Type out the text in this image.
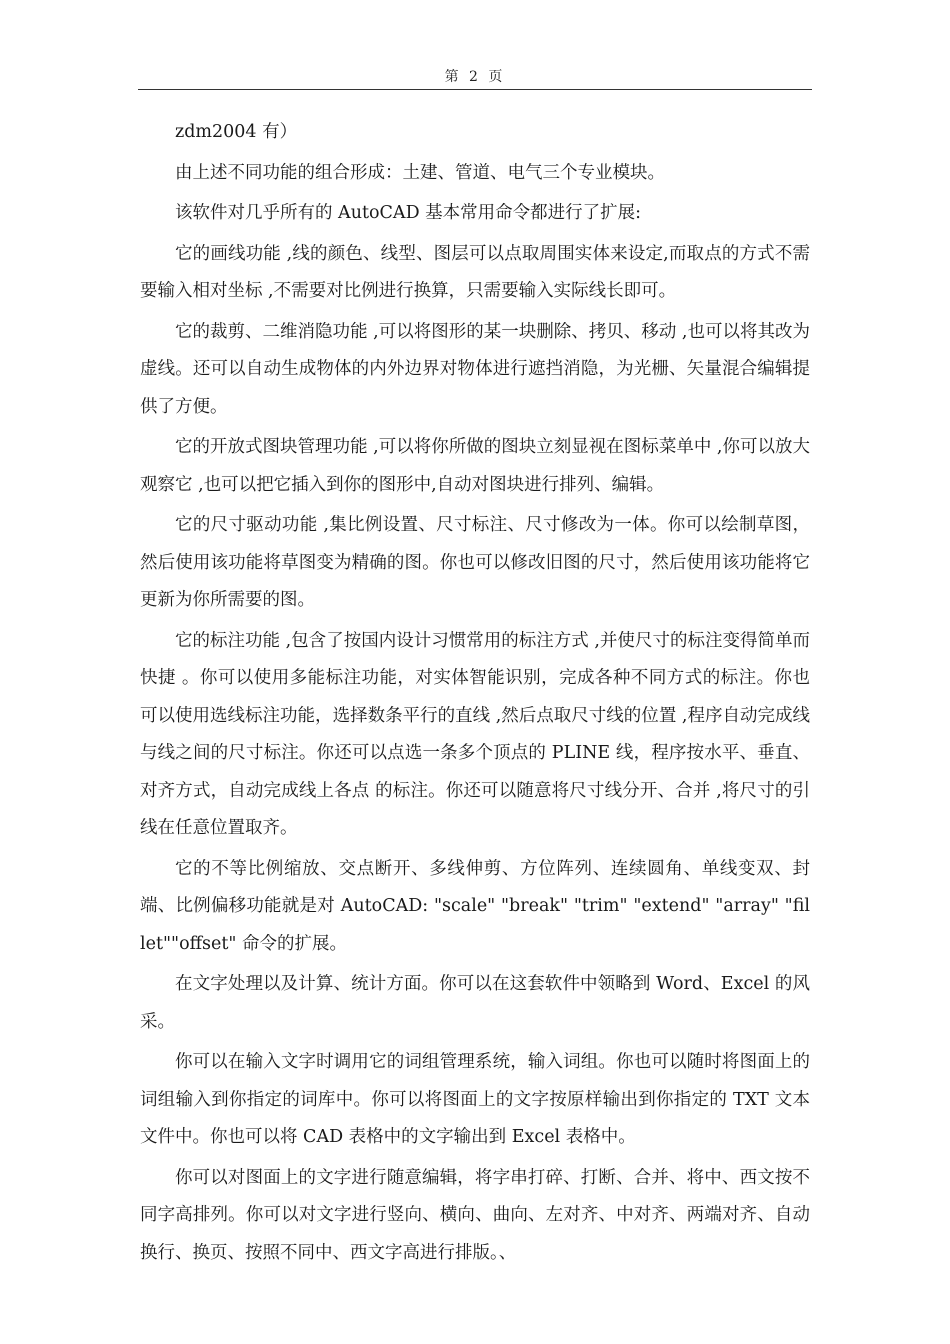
第 2 页

zdm2004 有）

由上述不同功能的组合形成：土建、管道、电气三个专业模块。

该软件对几乎所有的 AutoCAD 基本常用命令都进行了扩展:

它的画线功能 ,线的颜色、线型、图层可以点取周围实体来设定,而取点的方式不需要输入相对坐标 ,不需要对比例进行换算，只需要输入实际线长即可。

它的裁剪、二维消隐功能 ,可以将图形的某一块删除、拷贝、移动 ,也可以将其改为虚线。还可以自动生成物体的内外边界对物体进行遮挡消隐，为光栅、矢量混合编辑提供了方便。

它的开放式图块管理功能 ,可以将你所做的图块立刻显视在图标菜单中 ,你可以放大观察它 ,也可以把它插入到你的图形中,自动对图块进行排列、编辑。

它的尺寸驱动功能 ,集比例设置、尺寸标注、尺寸修改为一体。你可以绘制草图，然后使用该功能将草图变为精确的图。你也可以修改旧图的尺寸，然后使用该功能将它更新为你所需要的图。

它的标注功能 ,包含了按国内设计习惯常用的标注方式 ,并使尺寸的标注变得简单而快捷 。你可以使用多能标注功能，对实体智能识别，完成各种不同方式的标注。你也可以使用选线标注功能，选择数条平行的直线 ,然后点取尺寸线的位置 ,程序自动完成线与线之间的尺寸标注。你还可以点选一条多个顶点的 PLINE 线，程序按水平、垂直、对齐方式，自动完成线上各点 的标注。你还可以随意将尺寸线分开、合并 ,将尺寸的引线在任意位置取齐。

它的不等比例缩放、交点断开、多线伸剪、方位阵列、连续圆角、单线变双、封端、比例偏移功能就是对 AutoCAD: "scale" "break" "trim" "extend" "array" "fillet""offset" 命令的扩展。

在文字处理以及计算、统计方面。你可以在这套软件中领略到 Word、Excel 的风采。

你可以在输入文字时调用它的词组管理系统，输入词组。你也可以随时将图面上的词组输入到你指定的词库中。你可以将图面上的文字按原样输出到你指定的 TXT 文本文件中。你也可以将 CAD 表格中的文字输出到 Excel 表格中。

你可以对图面上的文字进行随意编辑，将字串打碎、打断、合并、将中、西文按不同字高排列。你可以对文字进行竖向、横向、曲向、左对齐、中对齐、两端对齐、自动换行、换页、按照不同中、西文字高进行排版。、
